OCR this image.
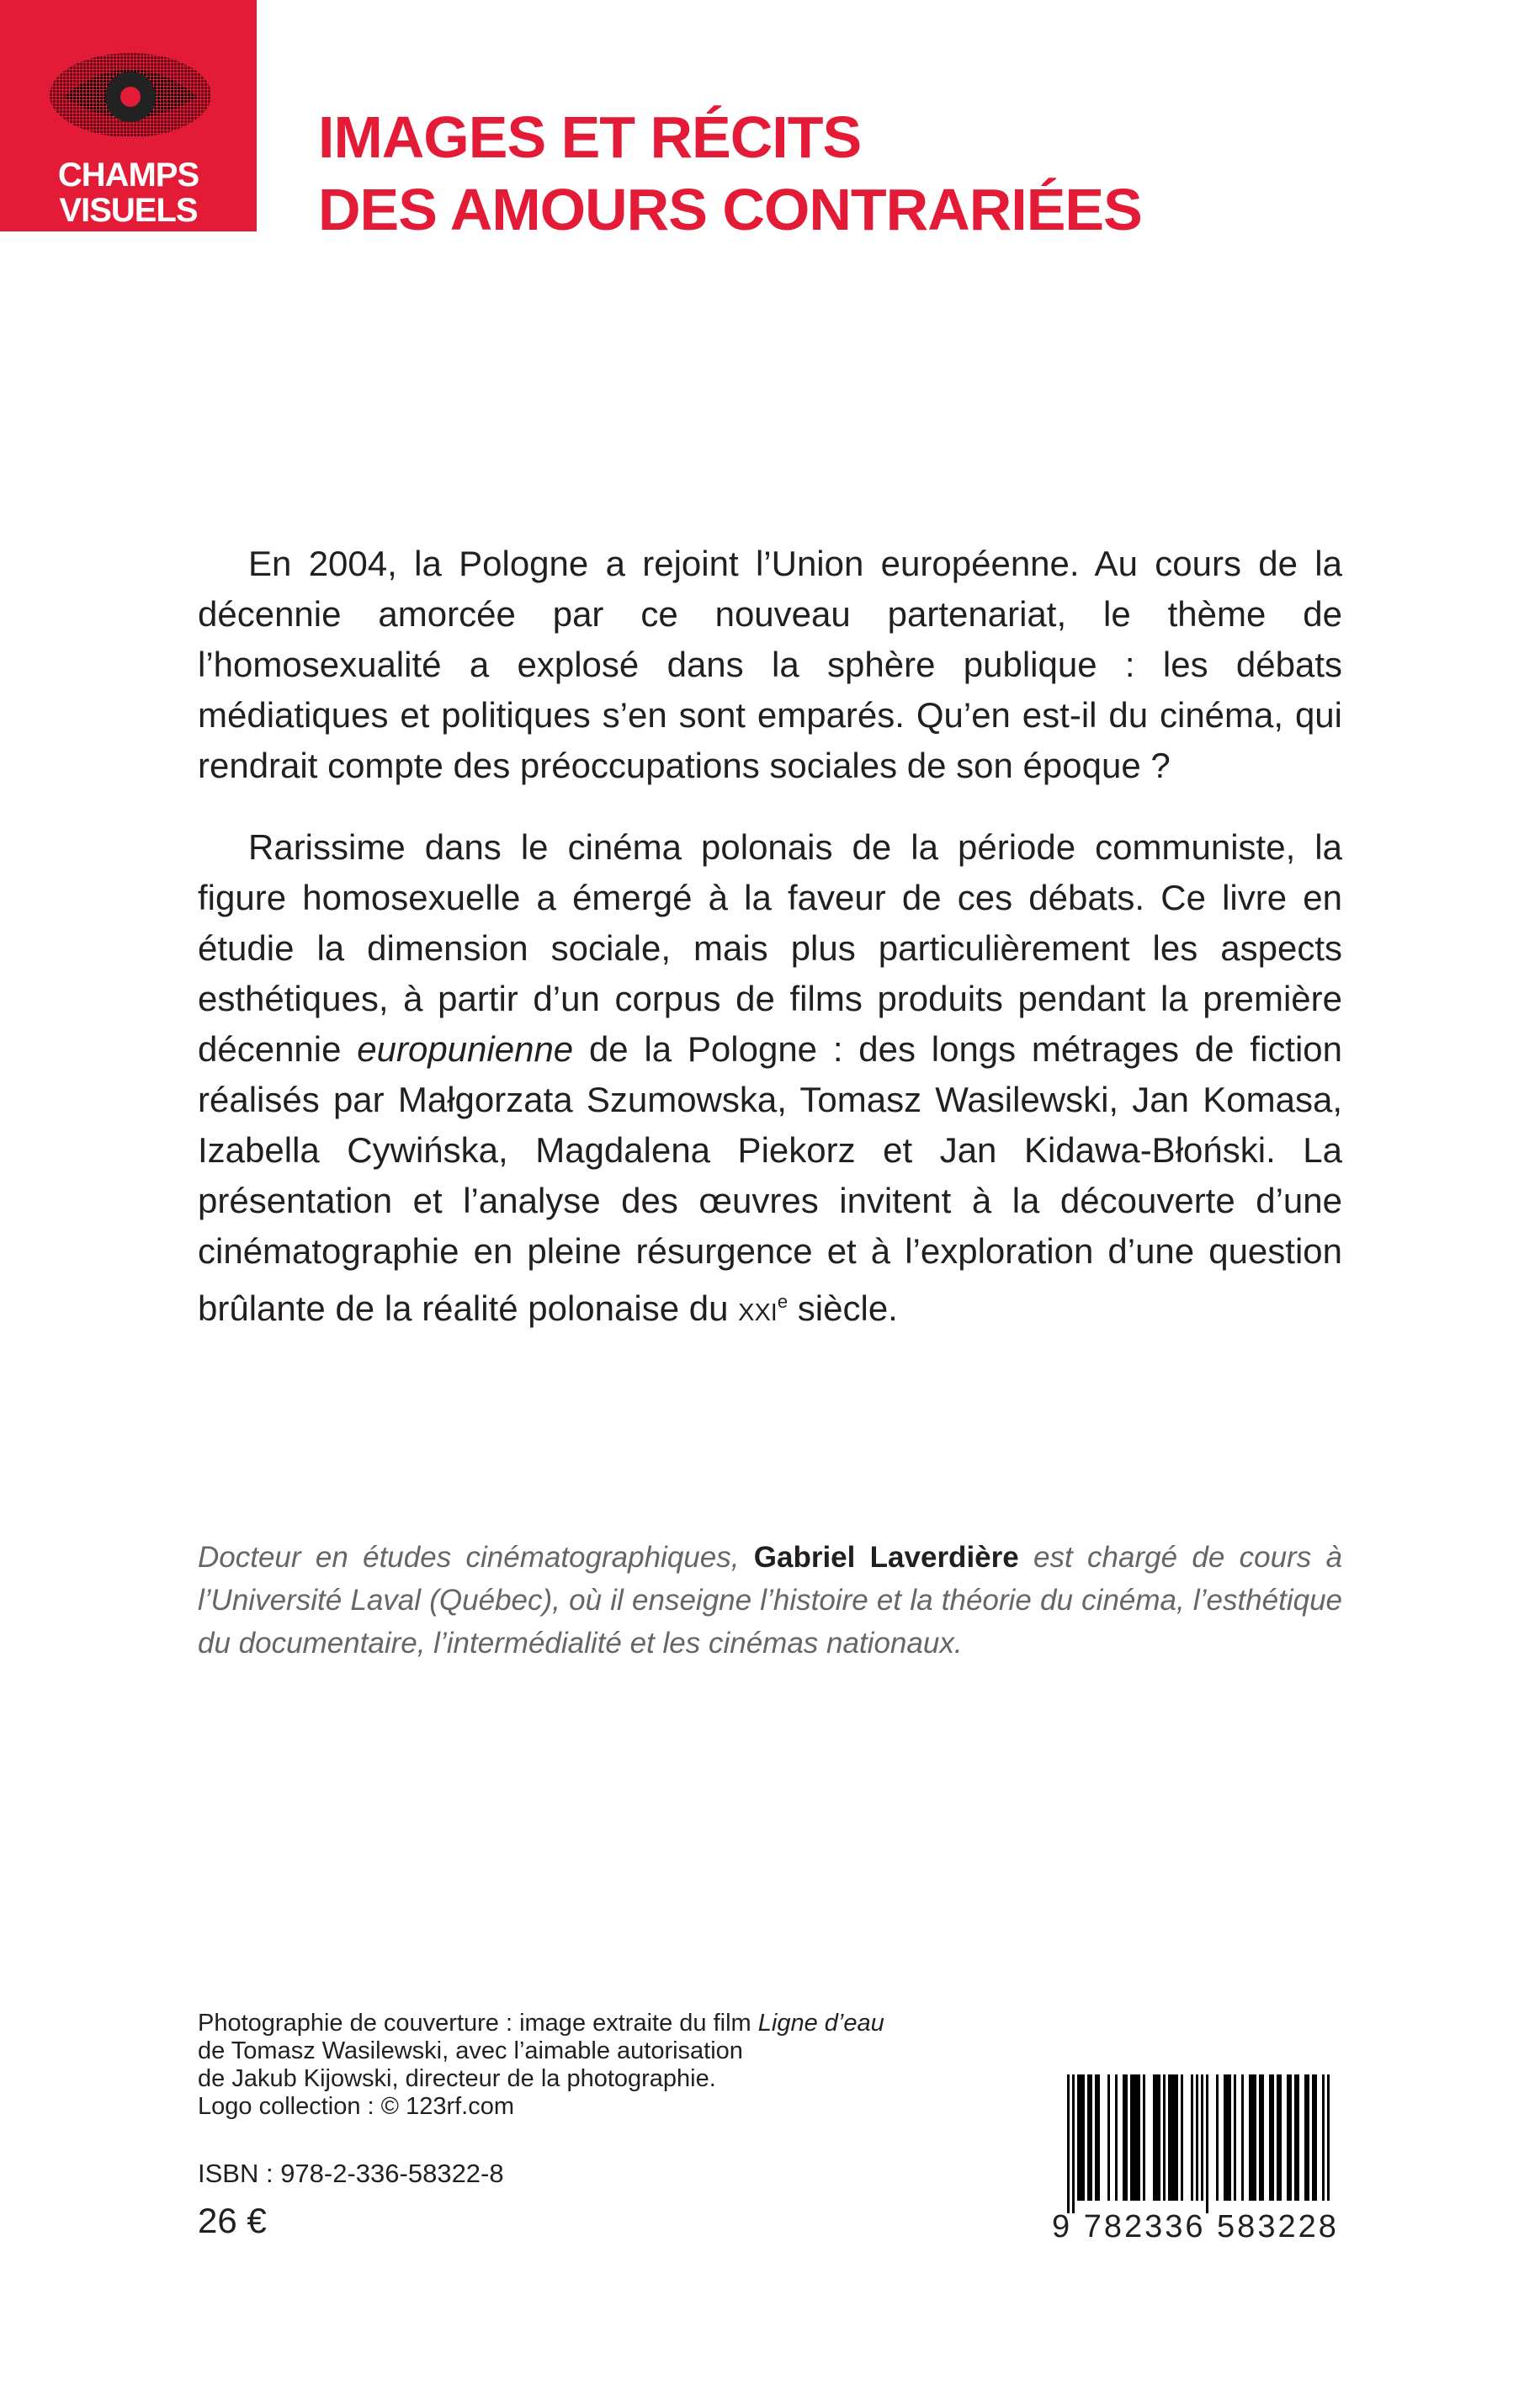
CHAMPS
VISUELS
IMAGES ET RÉCITS
DES AMOURS CONTRARIÉES

En 2004, la Pologne a rejoint l’Union européenne. Au cours de la décennie amorcée par ce nouveau partenariat, le thème de l’homosexualité a explosé dans la sphère publique : les débats médiatiques et politiques s’en sont emparés. Qu’en est-il du cinéma, qui rendrait compte des préoccupations sociales de son époque ?

Rarissime dans le cinéma polonais de la période communiste, la figure homosexuelle a émergé à la faveur de ces débats. Ce livre en étudie la dimension sociale, mais plus particulièrement les aspects esthétiques, à partir d’un corpus de films produits pendant la première décennie europunienne de la Pologne : des longs métrages de fiction réalisés par Małgorzata Szumowska, Tomasz Wasilewski, Jan Komasa, Izabella Cywińska, Magdalena Piekorz et Jan Kidawa-Błoński. La présentation et l’analyse des œuvres invitent à la découverte d’une cinématographie en pleine résurgence et à l’exploration d’une question brûlante de la réalité polonaise du xxi$^e$ siècle.

Docteur en études cinématographiques, Gabriel Laverdière est chargé de cours à l’Université Laval (Québec), où il enseigne l’histoire et la théorie du cinéma, l’esthétique du documentaire, l’intermédialité et les cinémas nationaux.
Photographie de couverture : image extraite du film Ligne d’eau
de Tomasz Wasilewski, avec l’aimable autorisation
de Jakub Kijowski, directeur de la photographie.
Logo collection : © 123rf.com
ISBN : 978-2-336-58322-8
26 €	9 782336 583228
